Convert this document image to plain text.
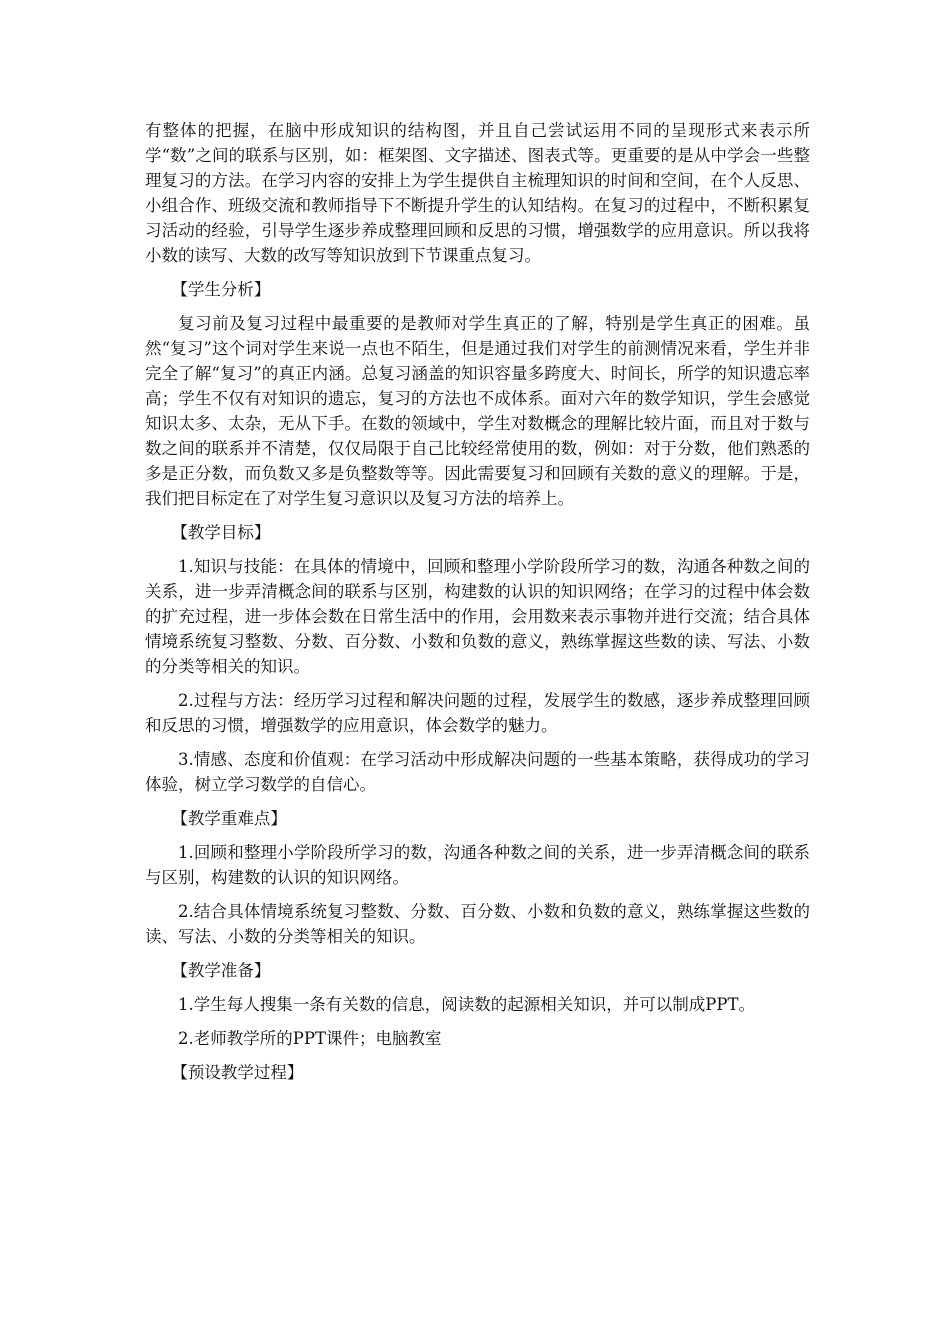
有整体的把握，在脑中形成知识的结构图，并且自己尝试运用不同的呈现形式来表示所学“数”之间的联系与区别，如：框架图、文字描述、图表式等。更重要的是从中学会一些整理复习的方法。在学习内容的安排上为学生提供自主梳理知识的时间和空间，在个人反思、小组合作、班级交流和教师指导下不断提升学生的认知结构。在复习的过程中，不断积累复习活动的经验，引导学生逐步养成整理回顾和反思的习惯，增强数学的应用意识。所以我将小数的读写、大数的改写等知识放到下节课重点复习。

【学生分析】

复习前及复习过程中最重要的是教师对学生真正的了解，特别是学生真正的困难。虽然“复习”这个词对学生来说一点也不陌生，但是通过我们对学生的前测情况来看，学生并非完全了解“复习”的真正内涵。总复习涵盖的知识容量多跨度大、时间长，所学的知识遗忘率高；学生不仅有对知识的遗忘，复习的方法也不成体系。面对六年的数学知识，学生会感觉知识太多、太杂，无从下手。在数的领域中，学生对数概念的理解比较片面，而且对于数与数之间的联系并不清楚，仅仅局限于自己比较经常使用的数，例如：对于分数，他们熟悉的多是正分数，而负数又多是负整数等等。因此需要复习和回顾有关数的意义的理解。于是，我们把目标定在了对学生复习意识以及复习方法的培养上。

【教学目标】

1.知识与技能：在具体的情境中，回顾和整理小学阶段所学习的数，沟通各种数之间的关系，进一步弄清概念间的联系与区别，构建数的认识的知识网络；在学习的过程中体会数的扩充过程，进一步体会数在日常生活中的作用，会用数来表示事物并进行交流；结合具体情境系统复习整数、分数、百分数、小数和负数的意义，熟练掌握这些数的读、写法、小数的分类等相关的知识。

2.过程与方法：经历学习过程和解决问题的过程，发展学生的数感，逐步养成整理回顾和反思的习惯，增强数学的应用意识，体会数学的魅力。

3.情感、态度和价值观：在学习活动中形成解决问题的一些基本策略，获得成功的学习体验，树立学习数学的自信心。

【教学重难点】

1.回顾和整理小学阶段所学习的数，沟通各种数之间的关系，进一步弄清概念间的联系与区别，构建数的认识的知识网络。

2.结合具体情境系统复习整数、分数、百分数、小数和负数的意义，熟练掌握这些数的读、写法、小数的分类等相关的知识。

【教学准备】

1.学生每人搜集一条有关数的信息，阅读数的起源相关知识，并可以制成PPT。

2.老师教学所的PPT课件；电脑教室

【预设教学过程】
